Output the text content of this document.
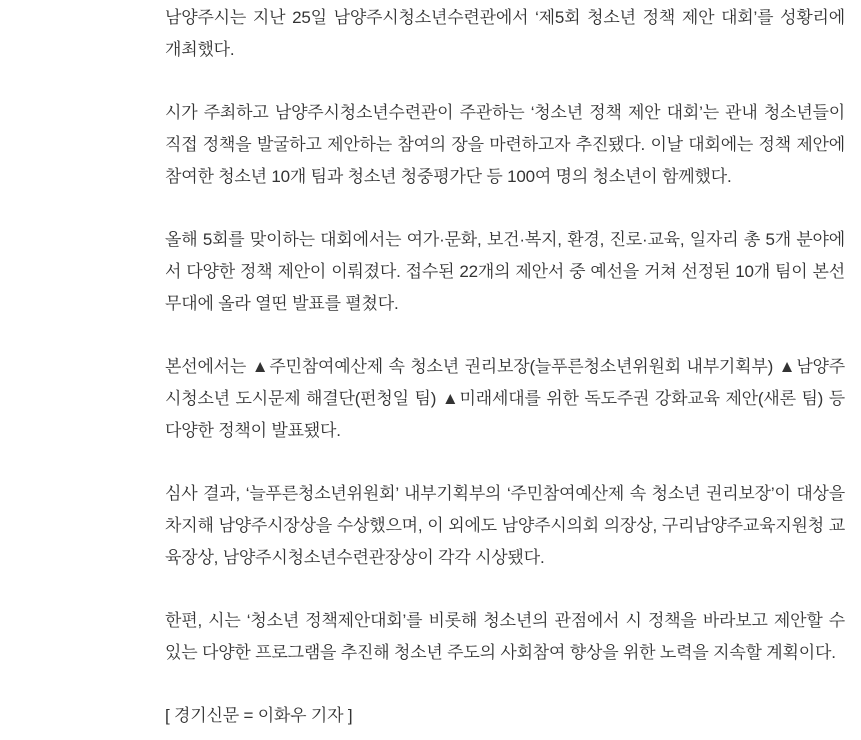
남양주시는 지난 25일 남양주시청소년수련관에서 ‘제5회 청소년 정책 제안 대회’를 성황리에 개최했다.

시가 주최하고 남양주시청소년수련관이 주관하는 ‘청소년 정책 제안 대회’는 관내 청소년들이 직접 정책을 발굴하고 제안하는 참여의 장을 마련하고자 추진됐다. 이날 대회에는 정책 제안에 참여한 청소년 10개 팀과 청소년 청중평가단 등 100여 명의 청소년이 함께했다.

올해 5회를 맞이하는 대회에서는 여가·문화, 보건·복지, 환경, 진로·교육, 일자리 총 5개 분야에서 다양한 정책 제안이 이뤄졌다. 접수된 22개의 제안서 중 예선을 거쳐 선정된 10개 팀이 본선 무대에 올라 열띤 발표를 펼쳤다.

본선에서는 ▲주민참여예산제 속 청소년 권리보장(늘푸른청소년위원회 내부기획부) ▲남양주시청소년 도시문제 해결단(펀청일 팀) ▲미래세대를 위한 독도주권 강화교육 제안(새론 팀) 등 다양한 정책이 발표됐다.

심사 결과, ‘늘푸른청소년위원회’ 내부기획부의 ‘주민참여예산제 속 청소년 권리보장’이 대상을 차지해 남양주시장상을 수상했으며, 이 외에도 남양주시의회 의장상, 구리남양주교육지원청 교육장상, 남양주시청소년수련관장상이 각각 시상됐다.

한편, 시는 ‘청소년 정책제안대회’를 비롯해 청소년의 관점에서 시 정책을 바라보고 제안할 수 있는 다양한 프로그램을 추진해 청소년 주도의 사회참여 향상을 위한 노력을 지속할 계획이다.

[ 경기신문 = 이화우 기자 ]
